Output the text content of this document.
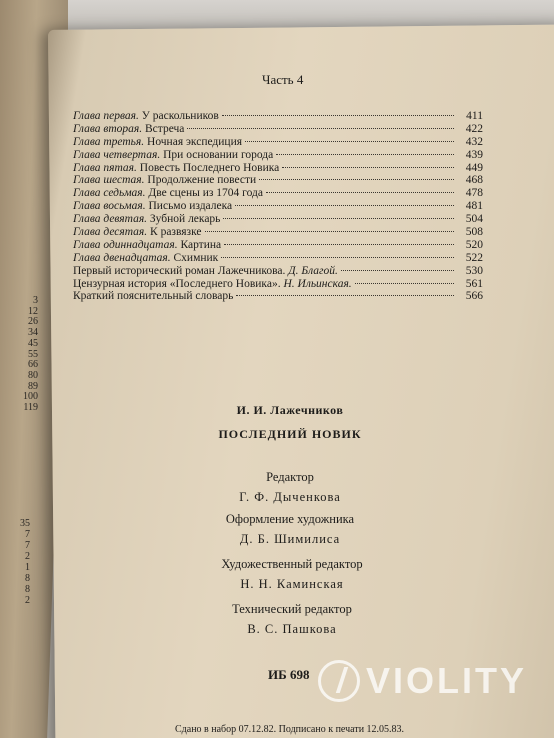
3
12
26
34
45
55
66
80
89
100
119
35
7
7
2
1
8
8
2
Часть 4
Глава первая. У раскольников	411
Глава вторая. Встреча	422
Глава третья. Ночная экспедиция	432
Глава четвертая. При основании города	439
Глава пятая. Повесть Последнего Новика	449
Глава шестая. Продолжение повести	468
Глава седьмая. Две сцены из 1704 года	478
Глава восьмая. Письмо издалека	481
Глава девятая. Зубной лекарь	504
Глава десятая. К развязке	508
Глава одиннадцатая. Картина	520
Глава двенадцатая. Схимник	522
Первый исторический роман Лажечникова. Д. Благой.	530
Цензурная история «Последнего Новика». Н. Ильинская.	561
Краткий пояснительный словарь	566
И. И. Лажечников
ПОСЛЕДНИЙ НОВИК
Редактор
Г. Ф. Дыченкова
Оформление художника
Д. Б. Шимилиса
Художественный редактор
Н. Н. Каминская
Технический редактор
В. С. Пашкова
ИБ 698 VIOLITY
Сдано в набор 07.12.82. Подписано к печати 12.05.83.
